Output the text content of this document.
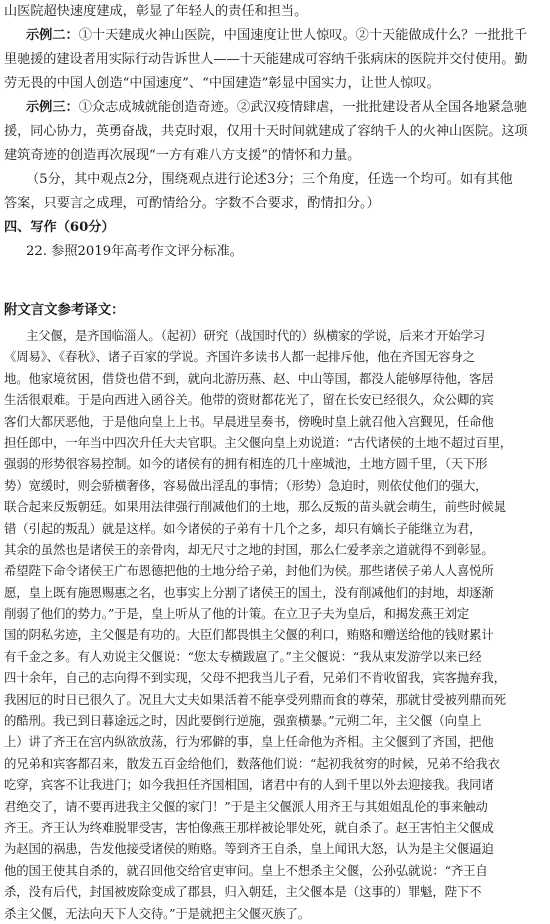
山医院超快速度建成，彰显了年轻人的责任和担当。
示例二：①十天建成火神山医院，中国速度让世人惊叹。②十天能做成什么？一批批千
里驰援的建设者用实际行动告诉世人——十天能建成可容纳千张病床的医院并交付使用。勤
劳无畏的中国人创造“中国速度”、“中国建造”彰显中国实力，让世人惊叹。
示例三：①众志成城就能创造奇迹。②武汉疫情肆虐，一批批建设者从全国各地紧急驰
援，同心协力，英勇奋战，共克时艰，仅用十天时间就建成了容纳千人的火神山医院。这项
建筑奇迹的创造再次展现“一方有难八方支援”的情怀和力量。
（5分，其中观点2分，围绕观点进行论述3分；三个角度，任选一个均可。如有其他
答案，只要言之成理，可酌情给分。字数不合要求，酌情扣分。）
四、写作（60分）
22. 参照2019年高考作文评分标准。
附文言文参考译文：
主父偃，是齐国临淄人。（起初）研究（战国时代的）纵横家的学说，后来才开始学习
《周易》、《春秋》、诸子百家的学说。齐国许多读书人都一起排斥他，他在齐国无容身之
地。他家境贫困，借贷也借不到，就向北游历燕、赵、中山等国，都没人能够厚待他，客居
生活很艰难。于是向西进入函谷关。他带的资财都花光了，留在长安已经很久，众公卿的宾
客们大都厌恶他，于是他向皇上上书。早晨进呈奏书，傍晚时皇上就召他入宫觐见，任命他
担任郎中，一年当中四次升任大夫官职。主父偃向皇上劝说道：“古代诸侯的土地不超过百里，
强弱的形势很容易控制。如今的诸侯有的拥有相连的几十座城池，土地方圆千里，（天下形
势）宽缓时，则会骄横奢侈，容易做出淫乱的事情；（形势）急迫时，则依仗他们的强大，
联合起来反叛朝廷。如果用法律强行削减他们的土地，那么反叛的苗头就会萌生，前些时候晁
错（引起的叛乱）就是这样。如今诸侯的子弟有十几个之多，却只有嫡长子能继立为君，
其余的虽然也是诸侯王的亲骨肉，却无尺寸之地的封国，那么仁爱孝亲之道就得不到彰显。
希望陛下命令诸侯王广布恩德把他的土地分给子弟，封他们为侯。那些诸侯子弟人人喜悦所
愿，皇上既有施恩赐惠之名，也事实上分割了诸侯王的国土，没有削减他们的封地，却逐渐
削弱了他们的势力。”于是，皇上听从了他的计策。在立卫子夫为皇后，和揭发燕王刘定
国的阴私劣迹，主父偃是有功的。大臣们都畏惧主父偃的利口，贿赂和赠送给他的钱财累计
有千金之多。有人劝说主父偃说：“您太专横跋扈了。”主父偃说：“我从束发游学以来已经
四十余年，自己的志向得不到实现，父母不把我当儿子看，兄弟们不肯收留我，宾客抛弃我，
我困厄的时日已很久了。况且大丈夫如果活着不能享受列鼎而食的尊荣，那就甘受被列鼎而死
的酷刑。我已到日暮途远之时，因此要倒行逆施，强蛮横暴。”元朔二年，主父偃（向皇上
上）讲了齐王在宫内纵欲放荡，行为邪僻的事，皇上任命他为齐相。主父偃到了齐国，把他
的兄弟和宾客都召来，散发五百金给他们，数落他们说：“起初我贫穷的时候，兄弟不给我衣
吃穿，宾客不让我进门；如今我担任齐国相国，诸君中有的人到千里以外去迎接我。我同诸
君绝交了，请不要再进我主父偃的家门！”于是主父偃派人用齐王与其姐姐乱伦的事来触动
齐王。齐王认为终难脱罪受害，害怕像燕王那样被论罪处死，就自杀了。赵王害怕主父偃成
为赵国的祸患，告发他接受诸侯的贿赂。等到齐王自杀，皇上闻讯大怒，认为是主父偃逼迫
他的国王使其自杀的，就召回他交给官吏审问。皇上不想杀主父偃，公孙弘就说：“齐王自
杀，没有后代，封国被废除变成了郡县，归入朝廷，主父偃本是（这事的）罪魁，陛下不
杀主父偃，无法向天下人交待。”于是就把主父偃灭族了。
